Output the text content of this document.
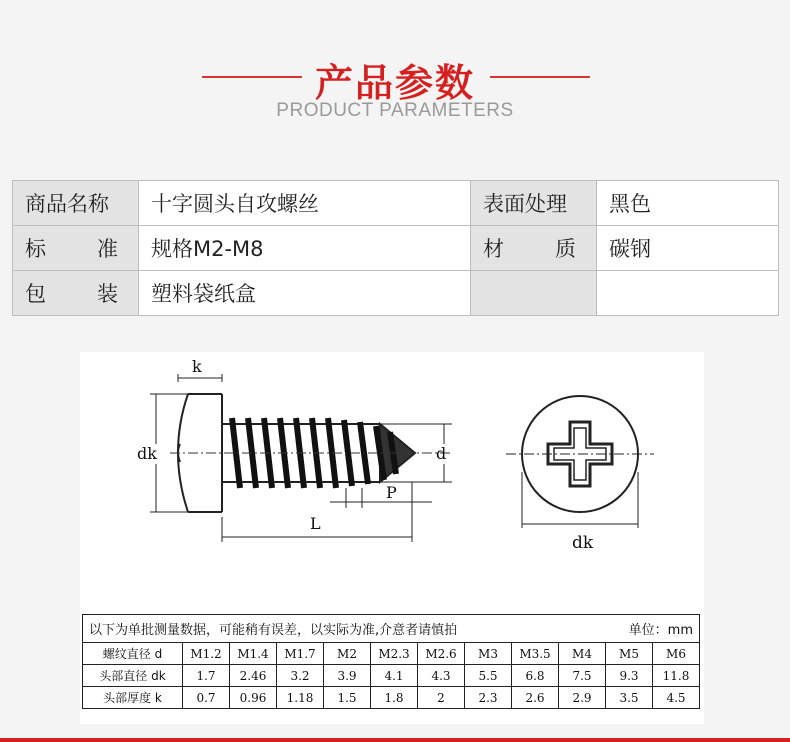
产品参数
PRODUCT PARAMETERS
商品名称	十字圆头自攻螺丝	表面处理	黑色

标 准	规格M2-M8	材 质	碳钢

包 装	塑料袋纸盒		
k
dk	d
P
L
dk
以下为单批测量数据，可能稍有误差，以实际为准,介意者请慎拍 单位：mm											

螺纹直径 d	M1.2	M1.4	M1.7	M2	M2.3	M2.6	M3	M3.5	M4	M5	M6
头部直径 dk	1.7	2.46	3.2	3.9	4.1	4.3	5.5	6.8	7.5	9.3	11.8
头部厚度 k	0.7	0.96	1.18	1.5	1.8	2	2.3	2.6	2.9	3.5	4.5
